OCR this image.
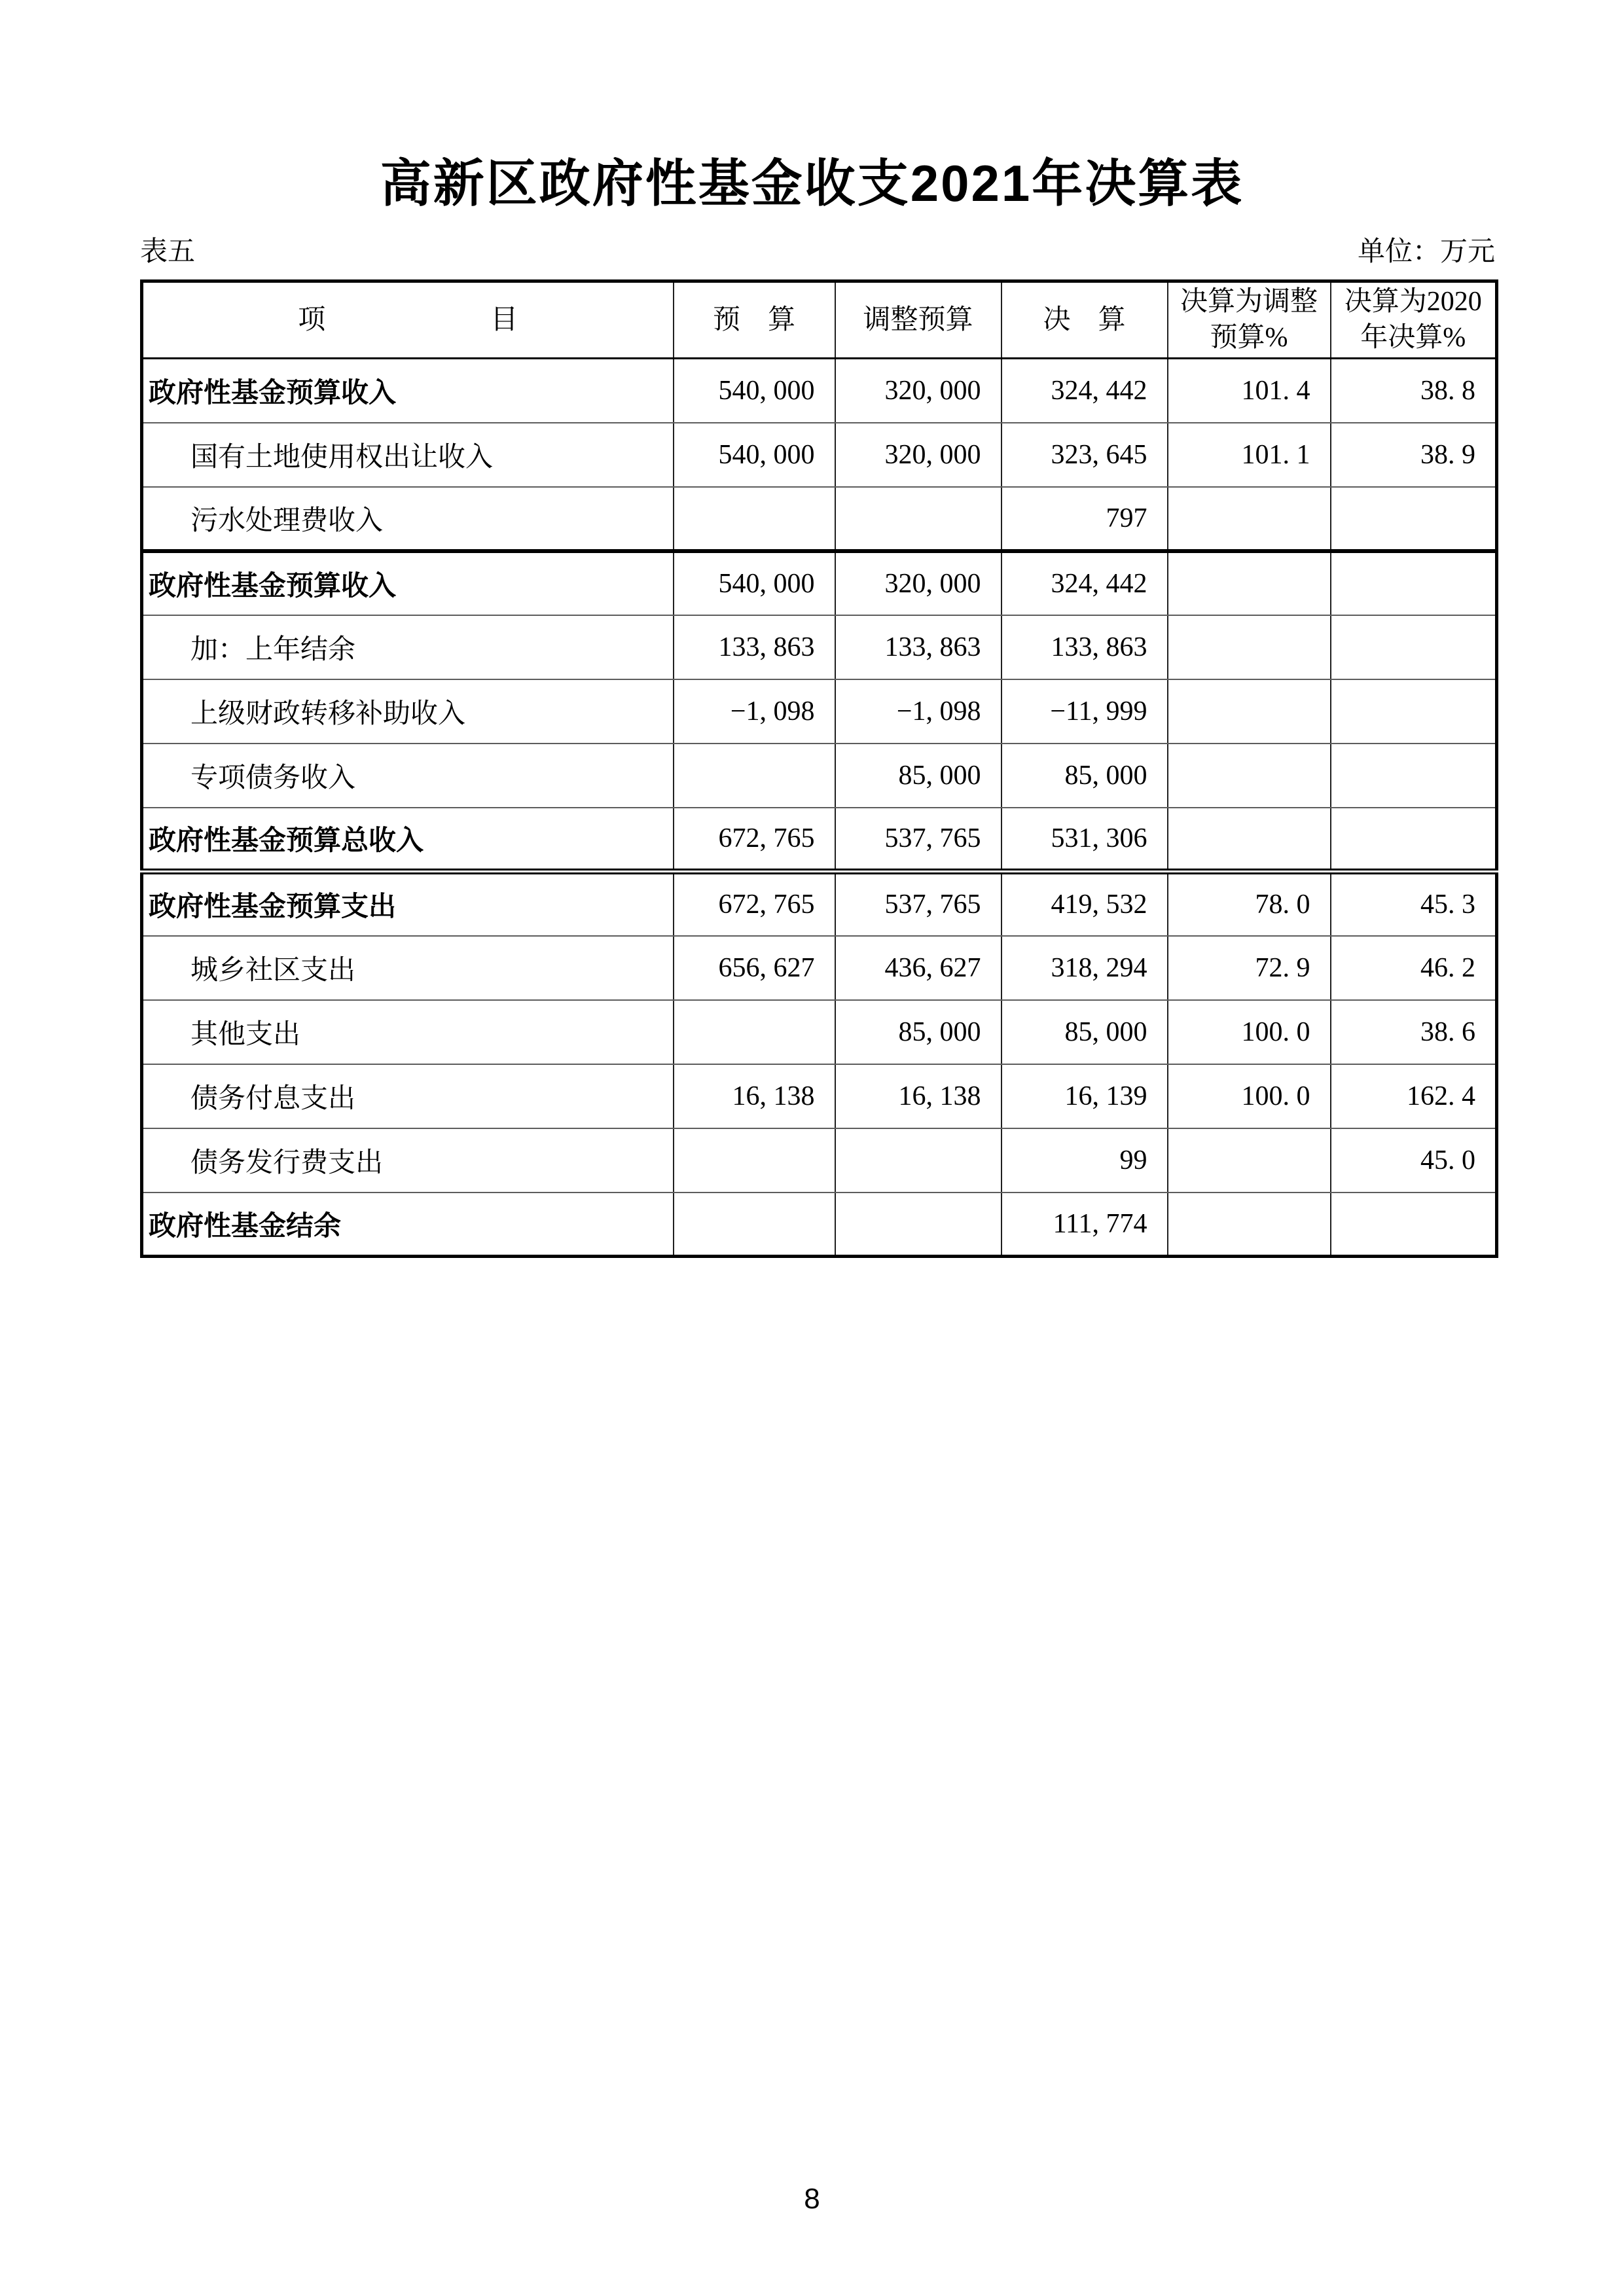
高新区政府性基金收支2021年决算表
表五	单位：万元
项　　　　　　目	预　算	调整预算	决　算	决算为调整预算%	决算为2020年决算%
政府性基金预算收入	540, 000	320, 000	324, 442	101. 4	38. 8
国有土地使用权出让收入	540, 000	320, 000	323, 645	101. 1	38. 9
污水处理费收入			797		
政府性基金预算收入	540, 000	320, 000	324, 442		
加：上年结余	133, 863	133, 863	133, 863		
上级财政转移补助收入	−1, 098	−1, 098	−11, 999		
专项债务收入		85, 000	85, 000		
政府性基金预算总收入	672, 765	537, 765	531, 306		
政府性基金预算支出	672, 765	537, 765	419, 532	78. 0	45. 3
城乡社区支出	656, 627	436, 627	318, 294	72. 9	46. 2
其他支出		85, 000	85, 000	100. 0	38. 6
债务付息支出	16, 138	16, 138	16, 139	100. 0	162. 4
债务发行费支出			99		45. 0
政府性基金结余			111, 774		
8
